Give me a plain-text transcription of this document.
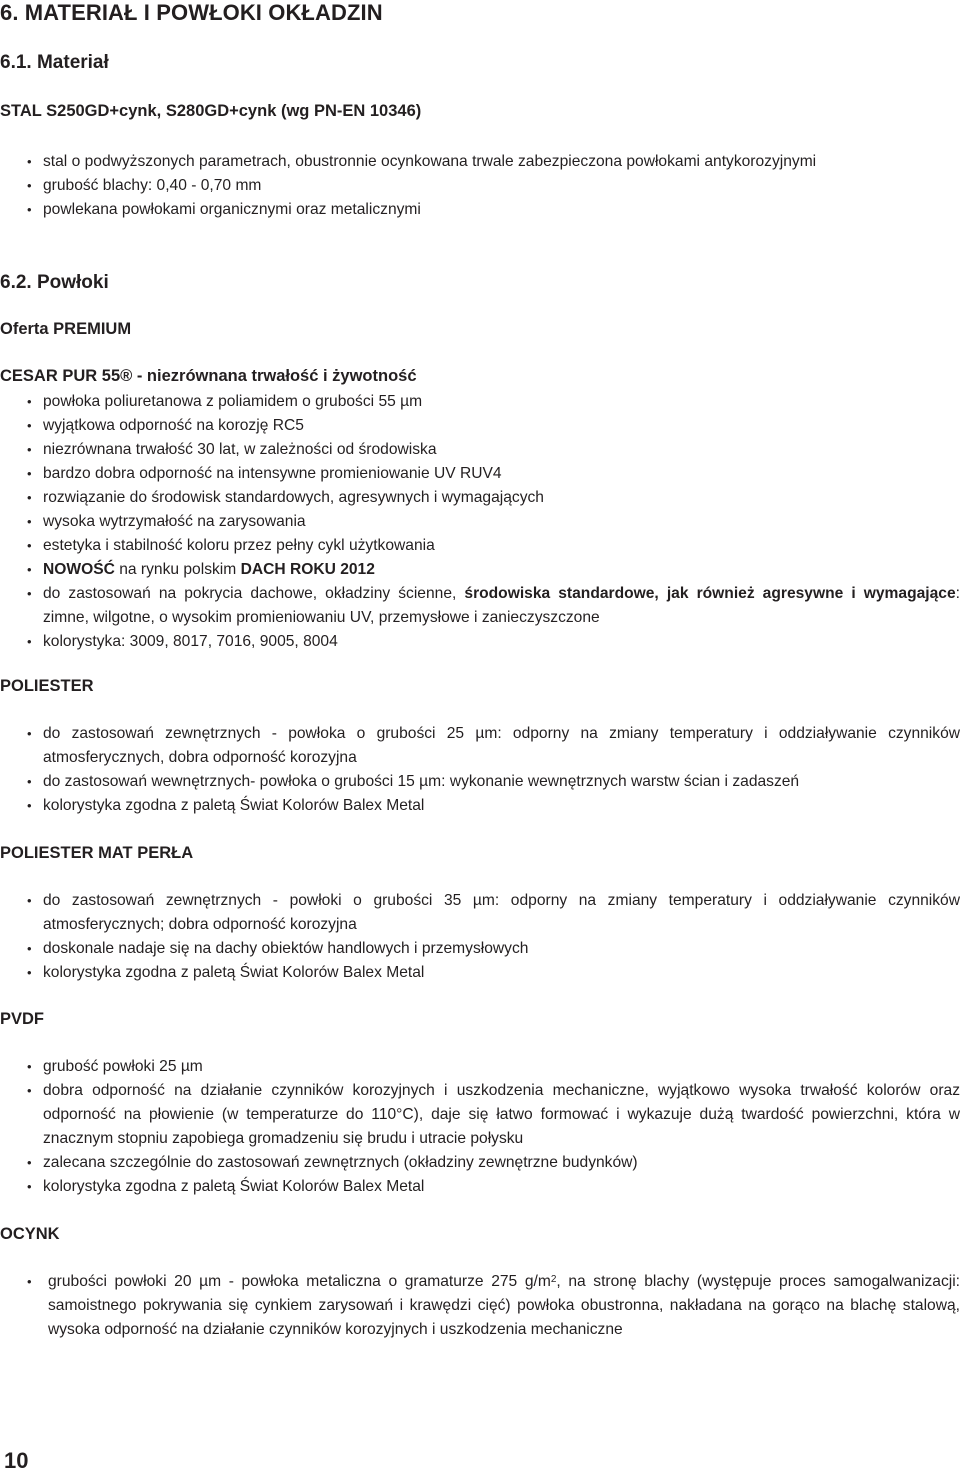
6. MATERIAŁ I POWŁOKI OKŁADZIN
6.1. Materiał
STAL S250GD+cynk, S280GD+cynk (wg PN-EN 10346)
• stal o podwyższonych parametrach, obustronnie ocynkowana trwale zabezpieczona powłokami antykorozyjnymi
• grubość blachy: 0,40 - 0,70 mm
• powlekana powłokami organicznymi oraz metalicznymi
6.2. Powłoki
Oferta PREMIUM
CESAR PUR 55® - niezrównana trwałość i żywotność
• powłoka poliuretanowa z poliamidem o grubości 55 µm
• wyjątkowa odporność na korozję RC5
• niezrównana trwałość 30 lat, w zależności od środowiska
• bardzo dobra odporność na intensywne promieniowanie UV RUV4
• rozwiązanie do środowisk standardowych, agresywnych i wymagających
• wysoka wytrzymałość na zarysowania
• estetyka i stabilność koloru przez pełny cykl użytkowania
• NOWOŚĆ na rynku polskim DACH ROKU 2012
• do zastosowań na pokrycia dachowe, okładziny ścienne, środowiska standardowe, jak również agresywne i wymagające: zimne, wilgotne, o wysokim promieniowaniu UV, przemysłowe i zanieczyszczone
• kolorystyka: 3009, 8017, 7016, 9005, 8004
POLIESTER
• do zastosowań zewnętrznych - powłoka o grubości 25 µm: odporny na zmiany temperatury i oddziaływanie czynników atmosferycznych, dobra odporność korozyjna
• do zastosowań wewnętrznych- powłoka o grubości 15 µm: wykonanie wewnętrznych warstw ścian i zadaszeń
• kolorystyka zgodna z paletą Świat Kolorów Balex Metal
POLIESTER MAT PERŁA
• do zastosowań zewnętrznych - powłoki o grubości 35 µm: odporny na zmiany temperatury i oddziaływanie czynników atmosferycznych; dobra odporność korozyjna
• doskonale nadaje się na dachy obiektów handlowych i przemysłowych
• kolorystyka zgodna z paletą Świat Kolorów Balex Metal
PVDF
• grubość powłoki 25 µm
• dobra odporność na działanie czynników korozyjnych i uszkodzenia mechaniczne, wyjątkowo wysoka trwałość kolorów oraz odporność na płowienie (w temperaturze do 110°C), daje się łatwo formować i wykazuje dużą twardość powierzchni, która w znacznym stopniu zapobiega gromadzeniu się brudu i utracie połysku
• zalecana szczególnie do zastosowań zewnętrznych (okładziny zewnętrzne budynków)
• kolorystyka zgodna z paletą Świat Kolorów Balex Metal
OCYNK
• grubości powłoki 20 µm - powłoka metaliczna o gramaturze 275 $g/m^2$, na stronę blachy (występuje proces samogalwanizacji: samoistnego pokrywania się cynkiem zarysowań i krawędzi cięć) powłoka obustronna, nakładana na gorąco na blachę stalową, wysoka odporność na działanie czynników korozyjnych i uszkodzenia mechaniczne
10
